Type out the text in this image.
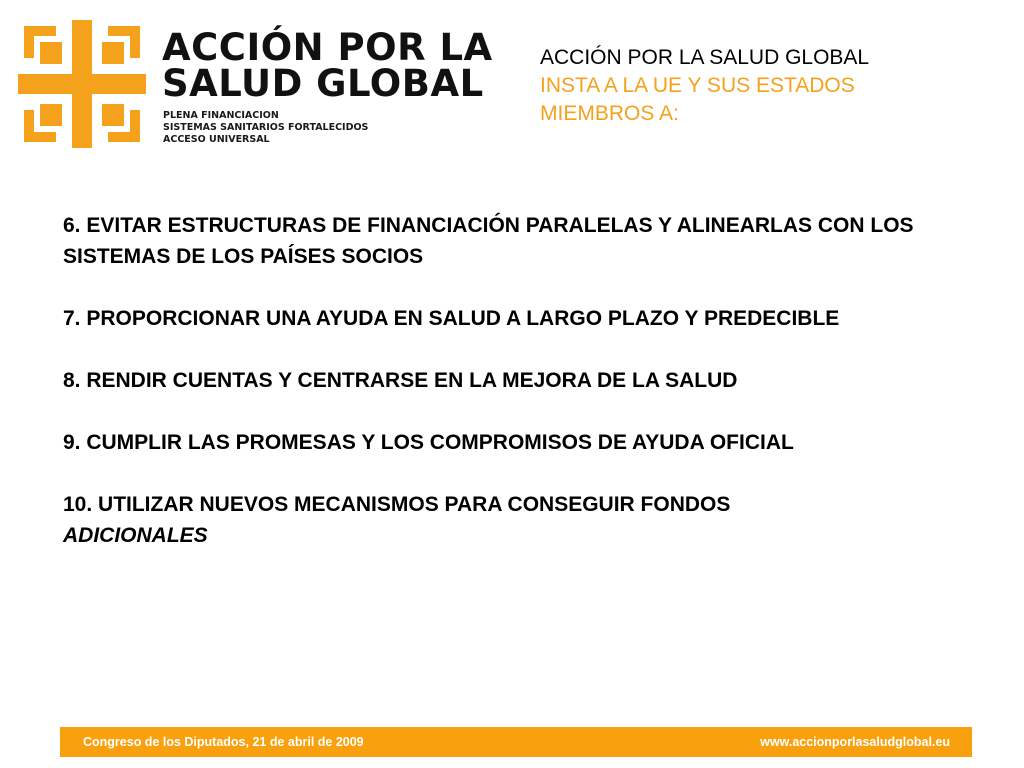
ACCIÓN POR LA
SALUD GLOBAL
PLENA FINANCIACION
SISTEMAS SANITARIOS FORTALECIDOS
ACCESO UNIVERSAL
ACCIÓN POR LA SALUD GLOBAL
INSTA A LA UE Y SUS ESTADOS
MIEMBROS A:
6. EVITAR ESTRUCTURAS DE FINANCIACIÓN PARALELAS Y ALINEARLAS CON LOS SISTEMAS DE LOS PAÍSES SOCIOS
7. PROPORCIONAR UNA AYUDA EN SALUD A LARGO PLAZO Y PREDECIBLE
8. RENDIR CUENTAS Y CENTRARSE EN LA MEJORA DE LA SALUD
9. CUMPLIR LAS PROMESAS Y LOS COMPROMISOS DE AYUDA OFICIAL
10. UTILIZAR NUEVOS MECANISMOS PARA CONSEGUIR FONDOS
ADICIONALES
Congreso de los Diputados, 21 de abril de 2009	www.accionporlasaludglobal.eu
